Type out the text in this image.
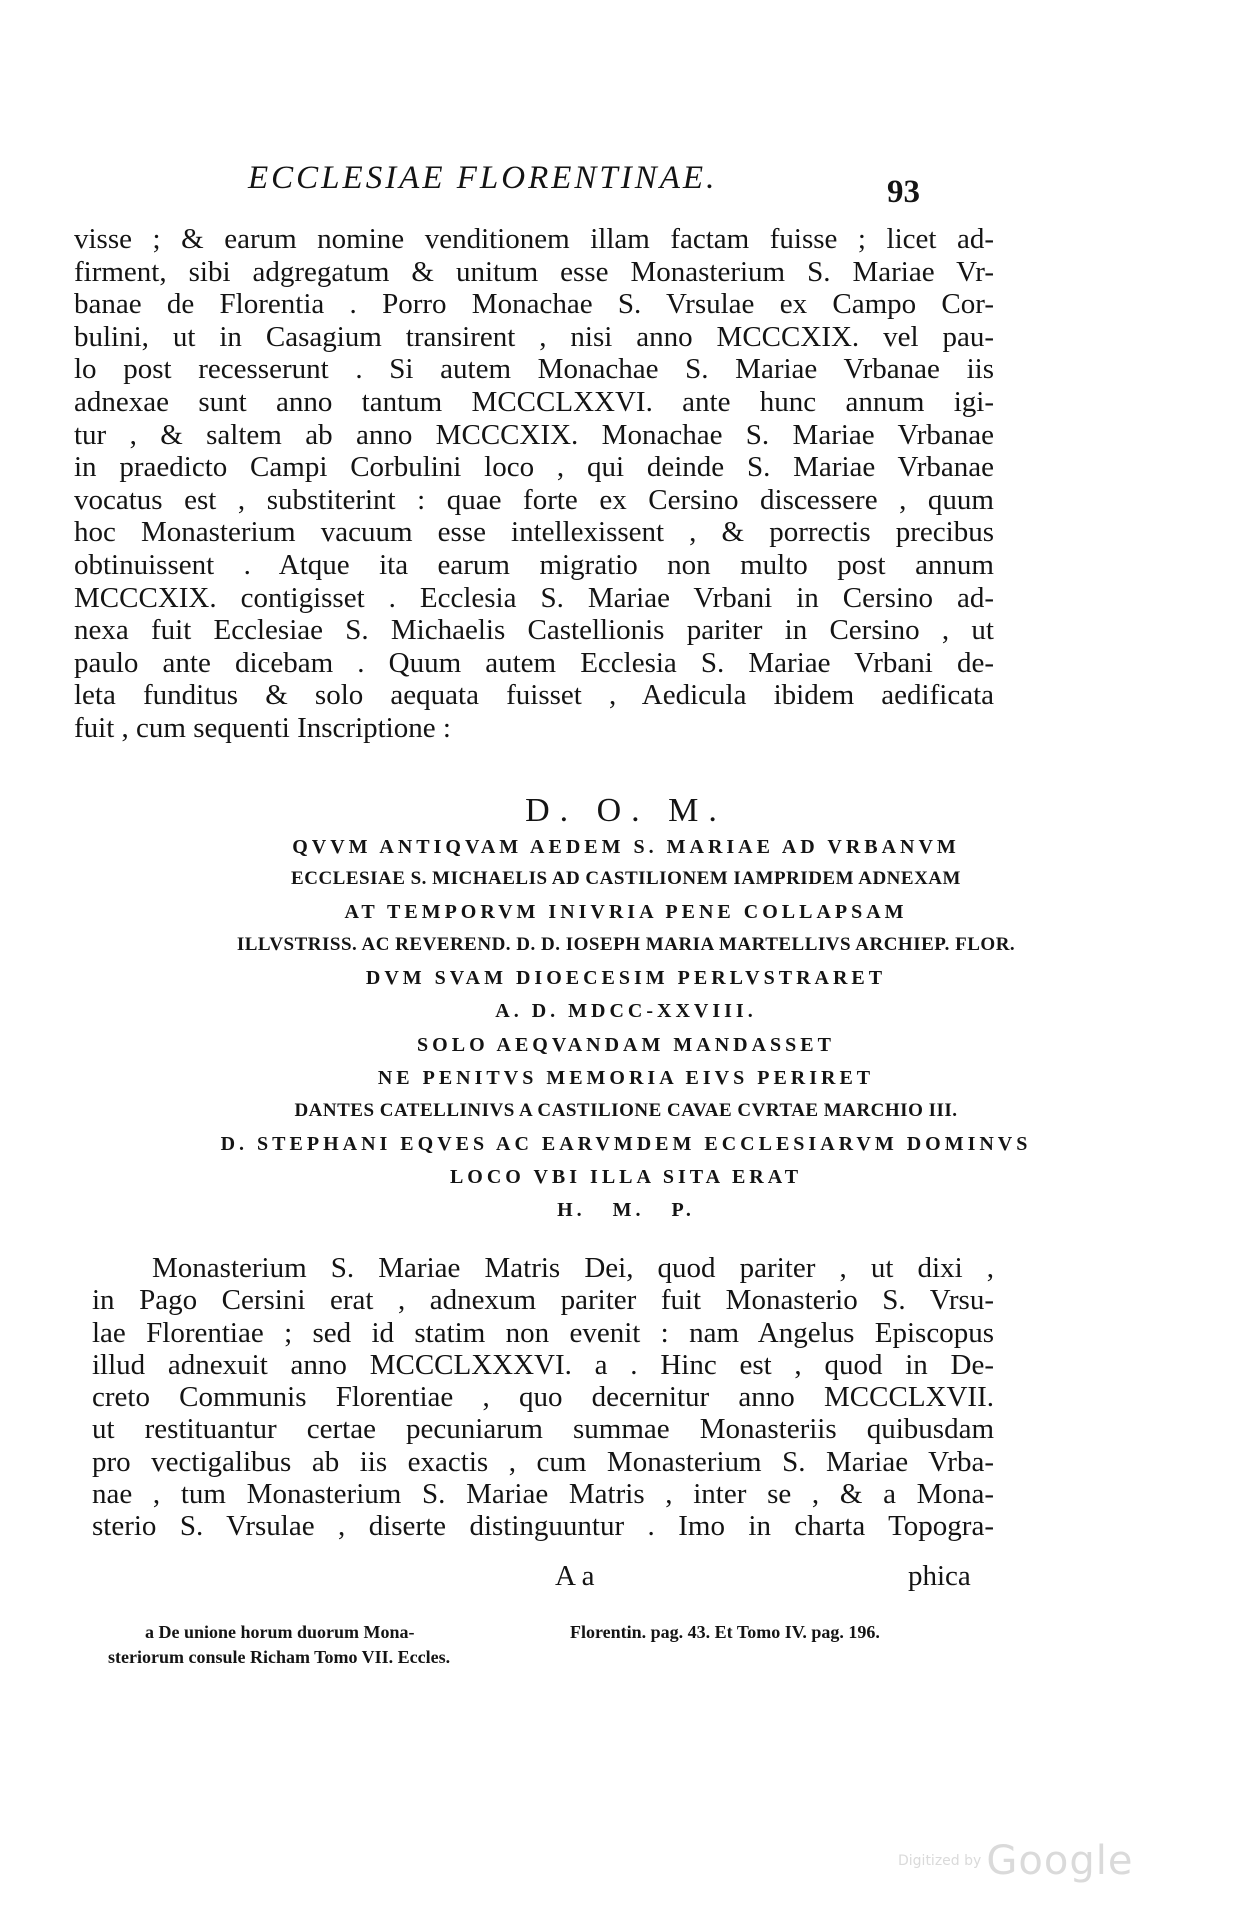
ECCLESIAE FLORENTINAE.	93
visse ; & earum nomine venditionem illam factam fuisse ; licet ad-
firment, sibi adgregatum & unitum esse Monasterium S. Mariae Vr-
banae de Florentia . Porro Monachae S. Vrsulae ex Campo Cor-
bulini, ut in Casagium transirent , nisi anno MCCCXIX. vel pau-
lo post recesserunt . Si autem Monachae S. Mariae Vrbanae iis
adnexae sunt anno tantum MCCCLXXVI. ante hunc annum igi-
tur , & saltem ab anno MCCCXIX. Monachae S. Mariae Vrbanae
in praedicto Campi Corbulini loco , qui deinde S. Mariae Vrbanae
vocatus est , substiterint : quae forte ex Cersino discessere , quum
hoc Monasterium vacuum esse intellexissent , & porrectis precibus
obtinuissent . Atque ita earum migratio non multo post annum
MCCCXIX. contigisset . Ecclesia S. Mariae Vrbani in Cersino ad-
nexa fuit Ecclesiae S. Michaelis Castellionis pariter in Cersino , ut
paulo ante dicebam . Quum autem Ecclesia S. Mariae Vrbani de-
leta funditus & solo aequata fuisset , Aedicula ibidem aedificata
fuit , cum sequenti Inscriptione :
D. O. M.
QVVM ANTIQVAM AEDEM S. MARIAE AD VRBANVM
ECCLESIAE S. MICHAELIS AD CASTILIONEM IAMPRIDEM ADNEXAM
AT TEMPORVM INIVRIA PENE COLLAPSAM
ILLVSTRISS. AC REVEREND. D. D. IOSEPH MARIA MARTELLIVS ARCHIEP. FLOR.
DVM SVAM DIOECESIM PERLVSTRARET
A. D. MDCC-XXVIII.
SOLO AEQVANDAM MANDASSET
NE PENITVS MEMORIA EIVS PERIRET
DANTES CATELLINIVS A CASTILIONE CAVAE CVRTAE MARCHIO III.
D. STEPHANI EQVES AC EARVMDEM ECCLESIARVM DOMINVS
LOCO VBI ILLA SITA ERAT
H.   M.   P.
Monasterium S. Mariae Matris Dei, quod pariter , ut dixi ,
in Pago Cersini erat , adnexum pariter fuit Monasterio S. Vrsu-
lae Florentiae ; sed id statim non evenit : nam Angelus Episcopus
illud adnexuit anno MCCCLXXXVI. a . Hinc est , quod in De-
creto Communis Florentiae , quo decernitur anno MCCCLXVII.
ut restituantur certae pecuniarum summae Monasteriis quibusdam
pro vectigalibus ab iis exactis , cum Monasterium S. Mariae Vrba-
nae , tum Monasterium S. Mariae Matris , inter se , & a Mona-
sterio S. Vrsulae , diserte distinguuntur . Imo in charta Topogra-
A a	phica
a De unione horum duorum Mona-
steriorum consule Richam Tomo VII. Eccles.
Florentin. pag. 43. Et Tomo IV. pag. 196.
Digitized by Google
